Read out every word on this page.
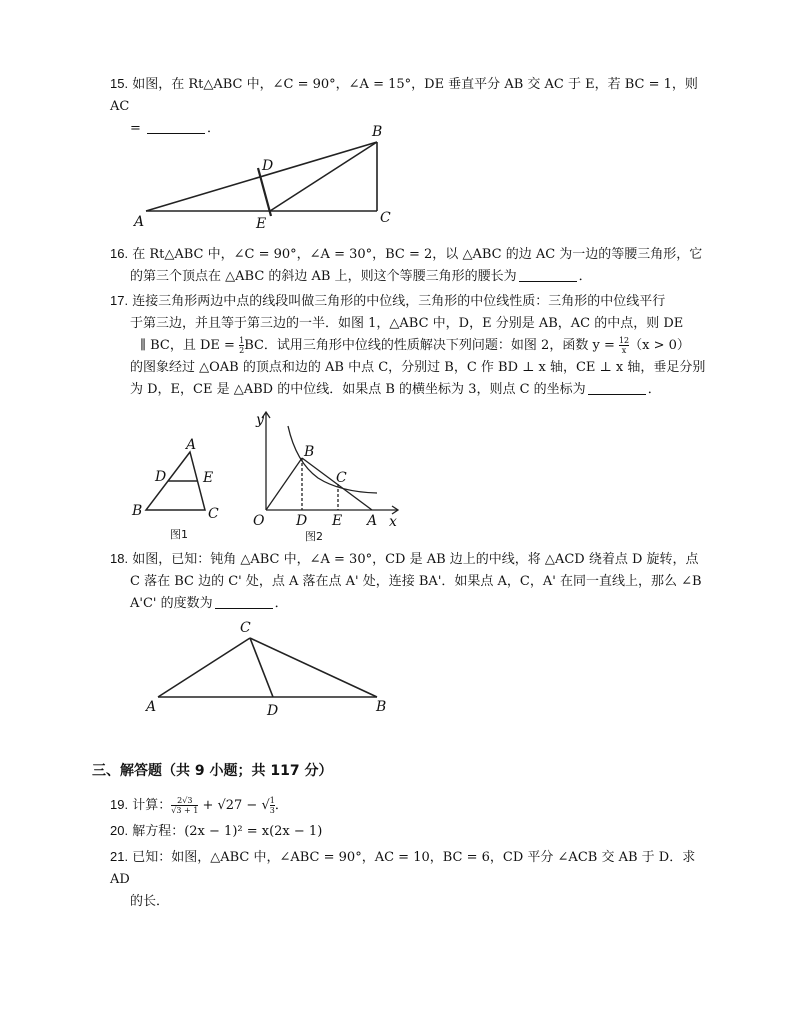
15. 如图，在 Rt△ABC 中，∠C = 90°，∠A = 15°，DE 垂直平分 AB 交 AC 于 E，若 BC = 1，则 AC
=	．
A
B
C
D
E
16. 在 Rt△ABC 中，∠C = 90°，∠A = 30°，BC = 2，以 △ABC 的边 AC 为一边的等腰三角形，它
的第三个顶点在 △ABC 的斜边 AB 上，则这个等腰三角形的腰长为	．
17. 连接三角形两边中点的线段叫做三角形的中位线，三角形的中位线性质：三角形的中位线平行
于第三边，并且等于第三边的一半．如图 1，△ABC 中，D，E 分别是 AB，AC 的中点，则 DE
∥ BC，且 DE = $\frac{1}{2}$ BC．试用三角形中位线的性质解决下列问题：如图 2，函数 $y = \frac{12}{x} (x > 0)$
的图象经过 △OAB 的顶点和边的 AB 中点 C，分别过 B，C 作 BD ⊥ x 轴，CE ⊥ x 轴，垂足分别
为 D，E，CE 是 △ABD 的中位线．如果点 B 的横坐标为 3，则点 C 的坐标为	．
A
B	C
D	E
图1
y
x
O
B
C
D E A
图2
18. 如图，已知：钝角 △ABC 中，∠A = 30°，CD 是 AB 边上的中线，将 △ACD 绕着点 D 旋转，点
C 落在 BC 边的 C' 处，点 A 落在点 A' 处，连接 BA'．如果点 A，C，A' 在同一直线上，那么 ∠B
A'C' 的度数为	．
A	B
C
D
三、解答题（共 9 小题；共 117 分）
19. 计算： $\frac{2√3}{√3 + 1} + √27$ − √ $\frac{1}{3}$ ．
20. 解方程：(2x − 1)² = x(2x − 1)
21. 已知：如图，△ABC 中，∠ABC = 90°，AC = 10，BC = 6，CD 平分 ∠ACB 交 AB 于 D．求 AD
的长．
